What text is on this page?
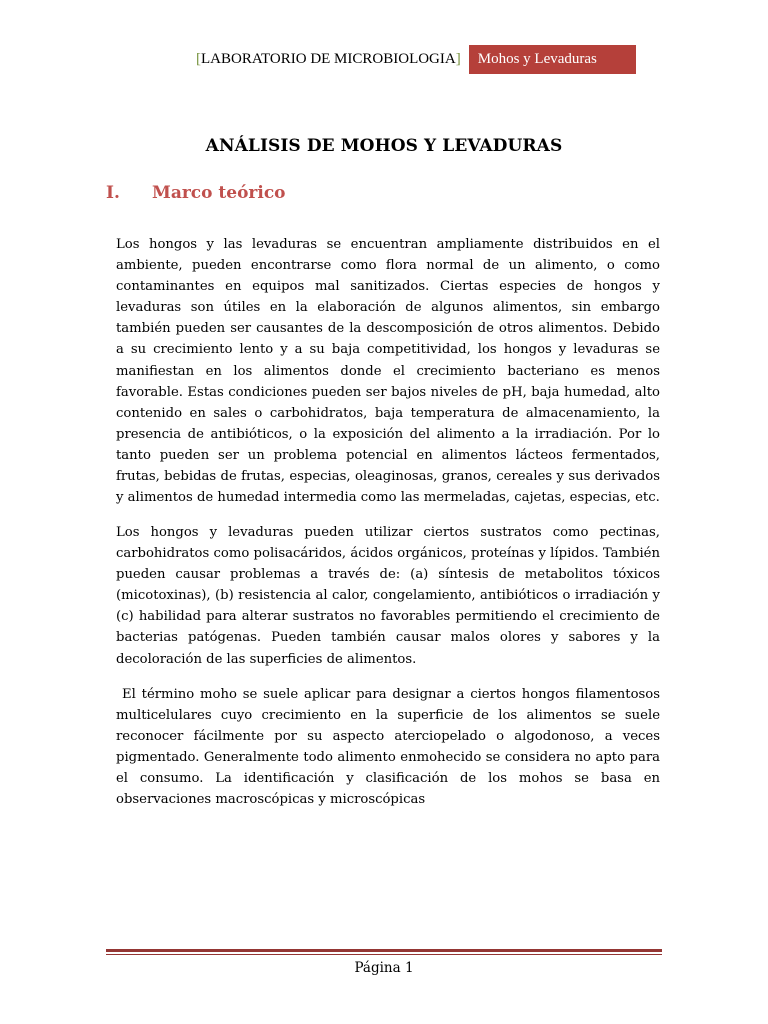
[LABORATORIO DE MICROBIOLOGIA]	Mohos y Levaduras
ANÁLISIS DE MOHOS Y LEVADURAS
I.	Marco teórico

Los hongos y las levaduras se encuentran ampliamente distribuidos en el ambiente, pueden encontrarse como flora normal de un alimento, o como contaminantes en equipos mal sanitizados. Ciertas especies de hongos y levaduras son útiles en la elaboración de algunos alimentos, sin embargo también pueden ser causantes de la descomposición de otros alimentos. Debido a su crecimiento lento y a su baja competitividad, los hongos y levaduras se manifiestan en los alimentos donde el crecimiento bacteriano es menos favorable. Estas condiciones pueden ser bajos niveles de pH, baja humedad, alto contenido en sales o carbohidratos, baja temperatura de almacenamiento, la presencia de antibióticos, o la exposición del alimento a la irradiación. Por lo tanto pueden ser un problema potencial en alimentos lácteos fermentados, frutas, bebidas de frutas, especias, oleaginosas, granos, cereales y sus derivados y alimentos de humedad intermedia como las mermeladas, cajetas, especias, etc.

Los hongos y levaduras pueden utilizar ciertos sustratos como pectinas, carbohidratos como polisacáridos, ácidos orgánicos, proteínas y lípidos. También pueden causar problemas a través de: (a) síntesis de metabolitos tóxicos (micotoxinas), (b) resistencia al calor, congelamiento, antibióticos o irradiación y (c) habilidad para alterar sustratos no favorables permitiendo el crecimiento de bacterias patógenas. Pueden también causar malos olores y sabores y la decoloración de las superficies de alimentos.

El término moho se suele aplicar para designar a ciertos hongos filamentosos multicelulares cuyo crecimiento en la superficie de los alimentos se suele reconocer fácilmente por su aspecto aterciopelado o algodonoso, a veces pigmentado. Generalmente todo alimento enmohecido se considera no apto para el consumo. La identificación y clasificación de los mohos se basa en observaciones macroscópicas y microscópicas

Página 1
